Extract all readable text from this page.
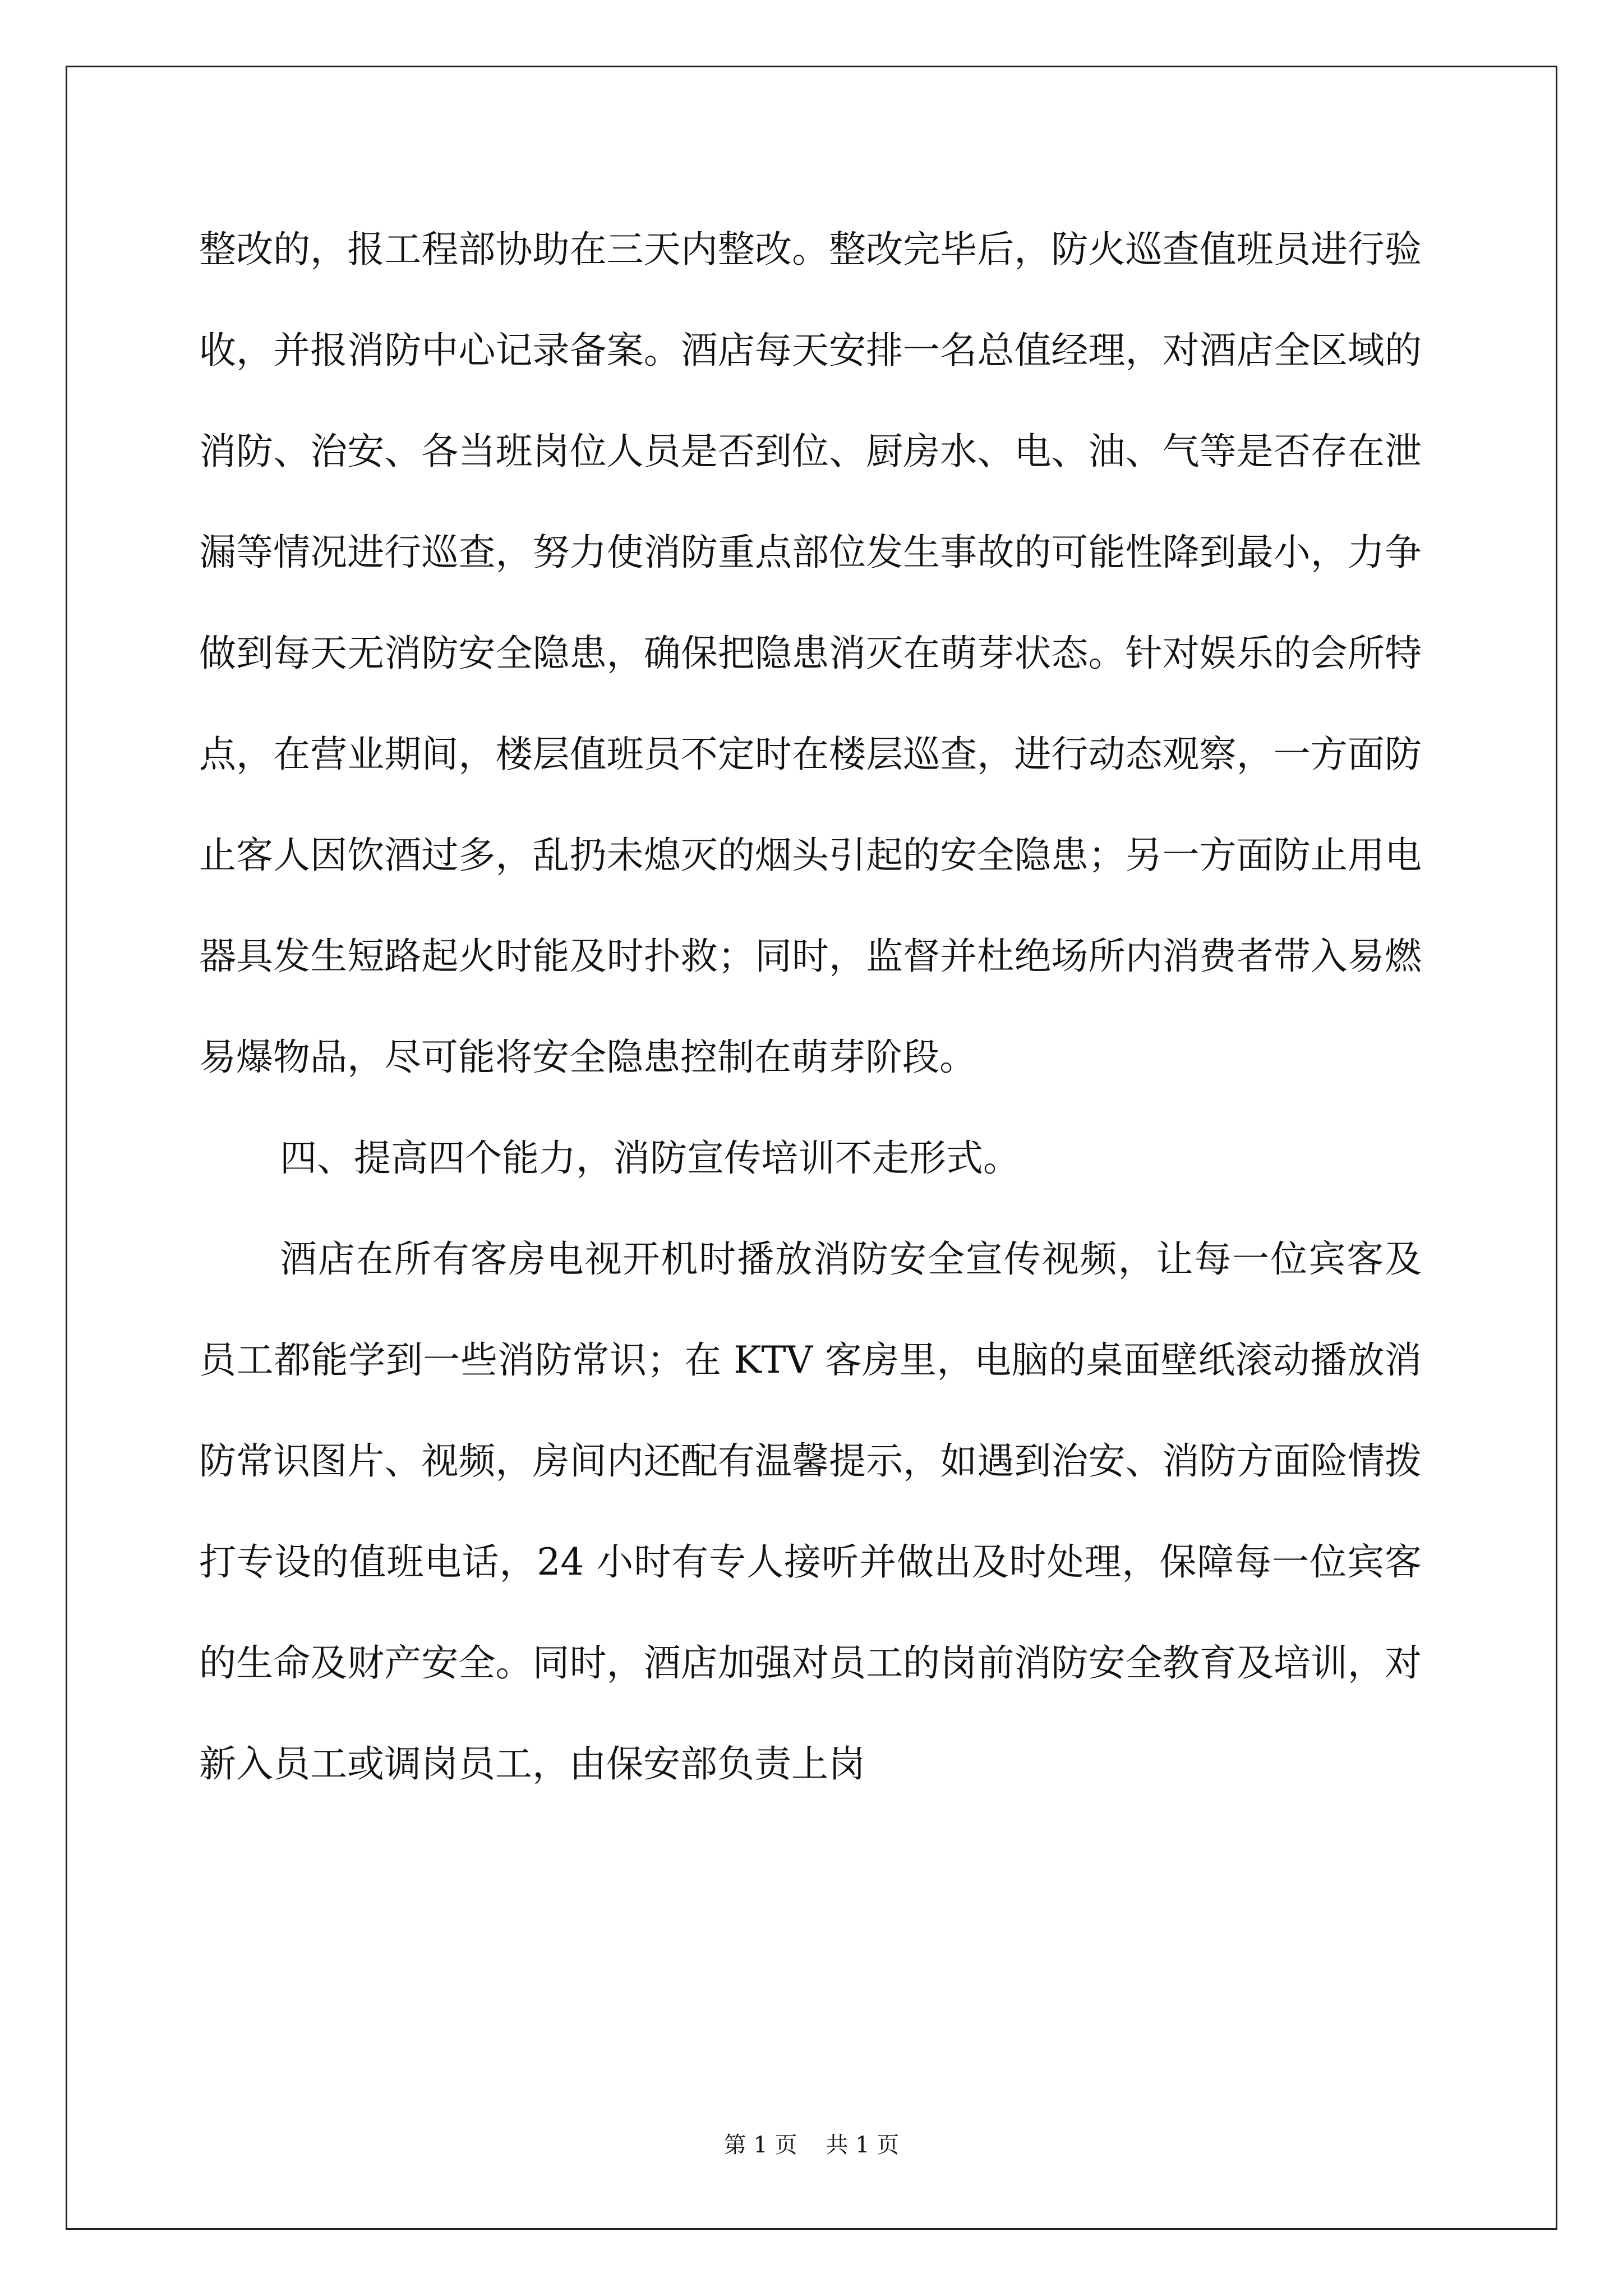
整改的，报工程部协助在三天内整改。整改完毕后，防火巡查值班员进行验收，并报消防中心记录备案。酒店每天安排一名总值经理，对酒店全区域的消防、治安、各当班岗位人员是否到位、厨房水、电、油、气等是否存在泄漏等情况进行巡查，努力使消防重点部位发生事故的可能性降到最小，力争做到每天无消防安全隐患，确保把隐患消灭在萌芽状态。针对娱乐的会所特点，在营业期间，楼层值班员不定时在楼层巡查，进行动态观察，一方面防止客人因饮酒过多，乱扔未熄灭的烟头引起的安全隐患；另一方面防止用电器具发生短路起火时能及时扑救；同时，监督并杜绝场所内消费者带入易燃易爆物品，尽可能将安全隐患控制在萌芽阶段。

四、提高四个能力，消防宣传培训不走形式。

酒店在所有客房电视开机时播放消防安全宣传视频，让每一位宾客及员工都能学到一些消防常识；在 KTV 客房里，电脑的桌面壁纸滚动播放消防常识图片、视频，房间内还配有温馨提示，如遇到治安、消防方面险情拨打专设的值班电话，24 小时有专人接听并做出及时处理，保障每一位宾客的生命及财产安全。同时，酒店加强对员工的岗前消防安全教育及培训，对新入员工或调岗员工，由保安部负责上岗

第 1 页    共 1 页
